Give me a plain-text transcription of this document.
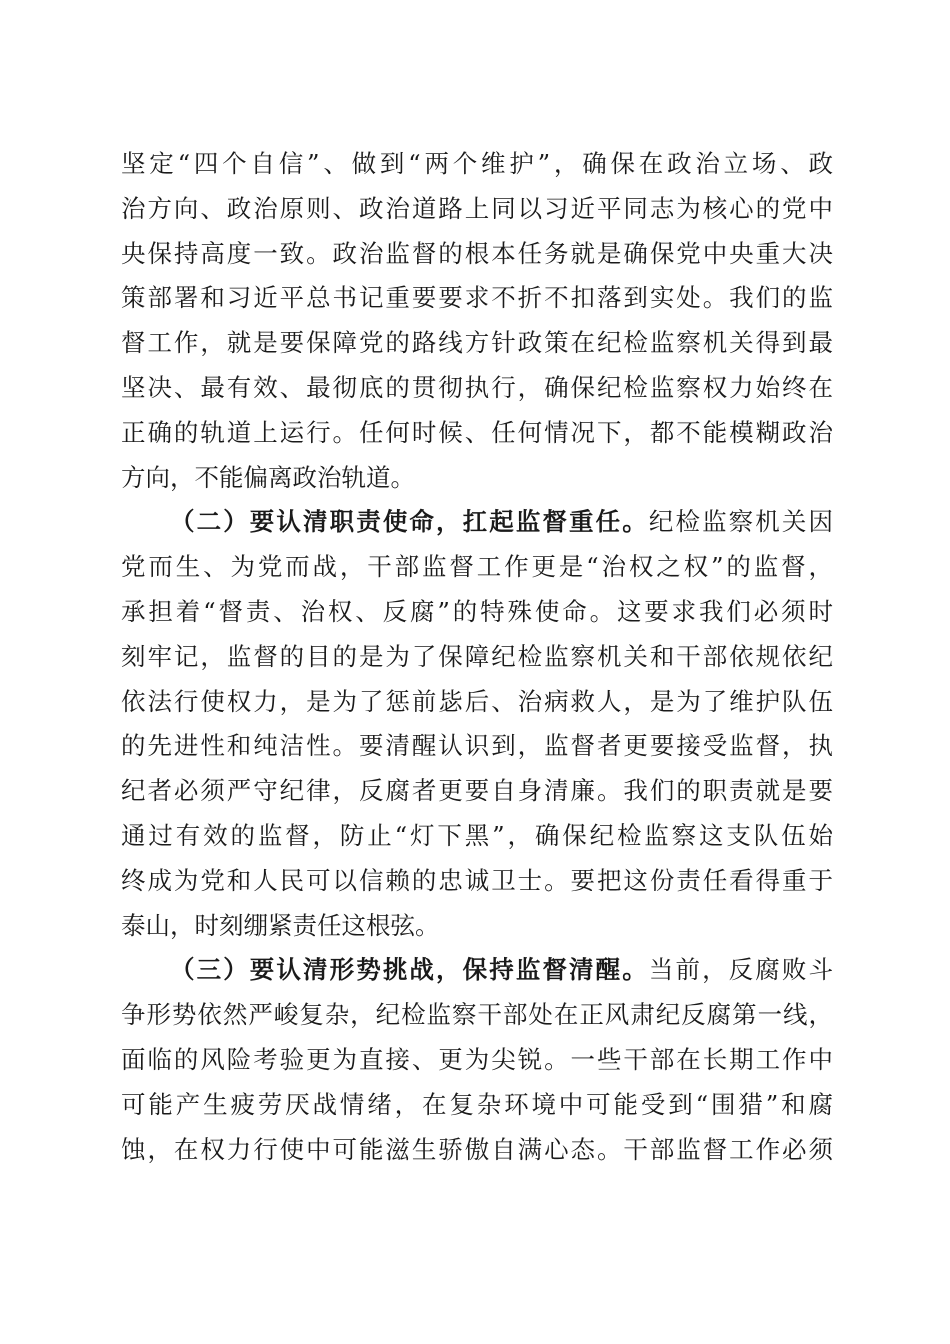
坚定“四个自信”、做到“两个维护”，确保在政治立场、政
治方向、政治原则、政治道路上同以习近平同志为核心的党中
央保持高度一致。政治监督的根本任务就是确保党中央重大决
策部署和习近平总书记重要要求不折不扣落到实处。我们的监
督工作，就是要保障党的路线方针政策在纪检监察机关得到最
坚决、最有效、最彻底的贯彻执行，确保纪检监察权力始终在
正确的轨道上运行。任何时候、任何情况下，都不能模糊政治
方向，不能偏离政治轨道。
（二）要认清职责使命，扛起监督重任。纪检监察机关因
党而生、为党而战，干部监督工作更是“治权之权”的监督，
承担着“督责、治权、反腐”的特殊使命。这要求我们必须时
刻牢记，监督的目的是为了保障纪检监察机关和干部依规依纪
依法行使权力，是为了惩前毖后、治病救人，是为了维护队伍
的先进性和纯洁性。要清醒认识到，监督者更要接受监督，执
纪者必须严守纪律，反腐者更要自身清廉。我们的职责就是要
通过有效的监督，防止“灯下黑”，确保纪检监察这支队伍始
终成为党和人民可以信赖的忠诚卫士。要把这份责任看得重于
泰山，时刻绷紧责任这根弦。
（三）要认清形势挑战，保持监督清醒。当前，反腐败斗
争形势依然严峻复杂，纪检监察干部处在正风肃纪反腐第一线，
面临的风险考验更为直接、更为尖锐。一些干部在长期工作中
可能产生疲劳厌战情绪，在复杂环境中可能受到“围猎”和腐
蚀，在权力行使中可能滋生骄傲自满心态。干部监督工作必须
